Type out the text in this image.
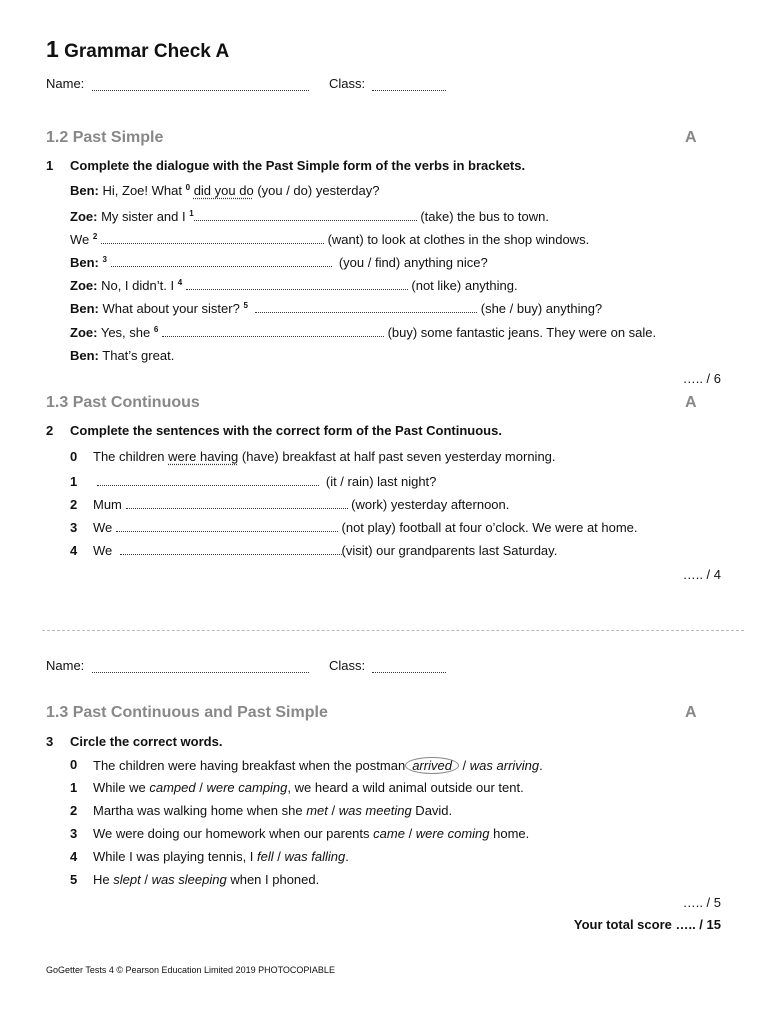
1 Grammar Check A
Name:	Class:
1.2 Past Simple	A
1 Complete the dialogue with the Past Simple form of the verbs in brackets.
Ben: Hi, Zoe! What $^0$ did you do (you / do) yesterday?
Zoe: My sister and I $^1$	(take) the bus to town.
We $^2$	(want) to look at clothes in the shop windows.
Ben: $^3$	(you / find) anything nice?
Zoe: No, I didn’t. I $^4$	(not like) anything.
Ben: What about your sister? $^5$	(she / buy) anything?
Zoe: Yes, she $^6$	(buy) some fantastic jeans. They were on sale.
Ben: That’s great.
….. / 6
1.3 Past Continuous	A
2 Complete the sentences with the correct form of the Past Continuous.
0 The children were having (have) breakfast at half past seven yesterday morning.
1	(it / rain) last night?
2 Mum	(work) yesterday afternoon.
3 We	(not play) football at four o’clock. We were at home.
4 We	(visit) our grandparents last Saturday.
….. / 4
Name:	Class:
1.3 Past Continuous and Past Simple	A
3 Circle the correct words.
0 The children were having breakfast when the postman arrived / was arriving.
1 While we camped / were camping, we heard a wild animal outside our tent.
2 Martha was walking home when she met / was meeting David.
3 We were doing our homework when our parents came / were coming home.
4 While I was playing tennis, I fell / was falling.
5 He slept / was sleeping when I phoned.
….. / 5
Your total score ….. / 15
GoGetter Tests 4 © Pearson Education Limited 2019 PHOTOCOPIABLE
